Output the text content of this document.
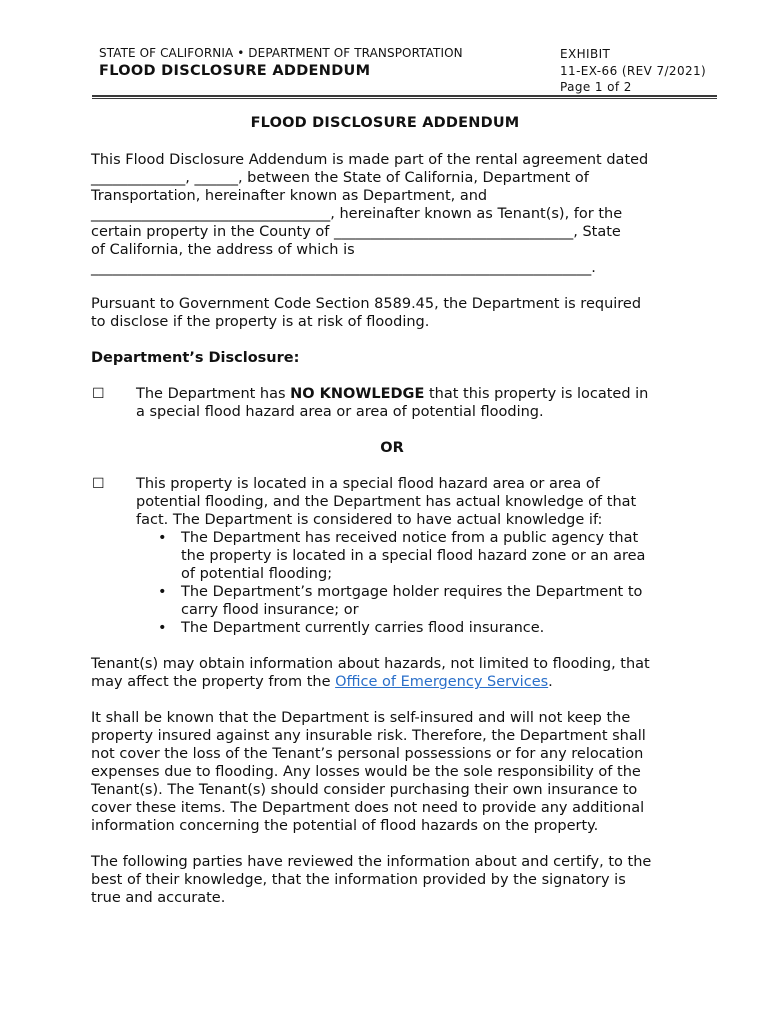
STATE OF CALIFORNIA • DEPARTMENT OF TRANSPORTATION
FLOOD DISCLOSURE ADDENDUM
EXHIBIT
11-EX-66 (REV 7/2021)
Page 1 of 2
FLOOD DISCLOSURE ADDENDUM
This Flood Disclosure Addendum is made part of the rental agreement dated
_____________, ______, between the State of California, Department of
Transportation, hereinafter known as Department, and
_________________________________, hereinafter known as Tenant(s), for the
certain property in the County of _________________________________, State
of California, the address of which is
_____________________________________________________________________.
Pursuant to Government Code Section 8589.45, the Department is required
to disclose if the property is at risk of flooding.
Department’s Disclosure:
☐ The Department has NO KNOWLEDGE that this property is located in
a special flood hazard area or area of potential flooding.
OR
☐ This property is located in a special flood hazard area or area of
potential flooding, and the Department has actual knowledge of that
fact. The Department is considered to have actual knowledge if:
• The Department has received notice from a public agency that
the property is located in a special flood hazard zone or an area
of potential flooding;
• The Department’s mortgage holder requires the Department to
carry flood insurance; or
• The Department currently carries flood insurance.
Tenant(s) may obtain information about hazards, not limited to flooding, that
may affect the property from the Office of Emergency Services.
It shall be known that the Department is self-insured and will not keep the
property insured against any insurable risk. Therefore, the Department shall
not cover the loss of the Tenant’s personal possessions or for any relocation
expenses due to flooding. Any losses would be the sole responsibility of the
Tenant(s). The Tenant(s) should consider purchasing their own insurance to
cover these items. The Department does not need to provide any additional
information concerning the potential of flood hazards on the property.
The following parties have reviewed the information about and certify, to the
best of their knowledge, that the information provided by the signatory is
true and accurate.
